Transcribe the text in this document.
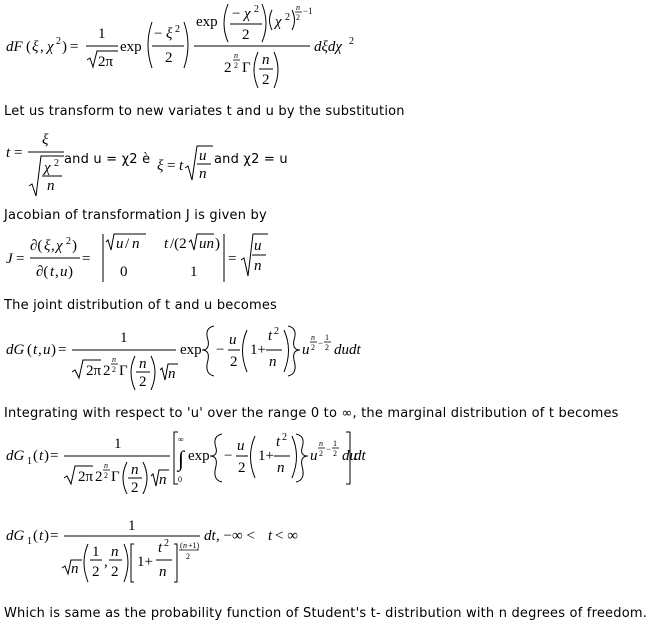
dF ( ξ , χ 2 ) =
1
2π
exp
− ξ 2
2
exp − χ 2
2
χ 2
n
2
−1
2
n
2 Γ n
2
dξdχ 2
Let us transform to new variates t and u by the substitution
t =
ξ
χ 2
n
and u = χ2 è ξ = t
u
n
and χ2 = u
Jacobian of transformation J is given by
J =
∂( ξ , χ 2 )
∂( t , u )
=
u / n t /(2 un )
0	1
=
u
n
The joint distribution of t and u becomes
dG ( t , u ) =
1
2π 2
n
2 Γ n
2 n
exp −
u
2
1+
t 2
n
u
n
2 −
1
2 dudt
Integrating with respect to 'u' over the range 0 to ∞, the marginal distribution of t becomes
dG 1 ( t ) =
1
2π 2
n
2 Γ n
2 n
∞
∫
0
exp −
u
2
1+
t 2
n
u
n
2 −
1
2 du
dt
dG 1 ( t ) =
1
n
1
2
,
n
2
1+
t 2
n
( n +1)
2
dt , −∞ < t < ∞
Which is same as the probability function of Student's t- distribution with n degrees of freedom.
